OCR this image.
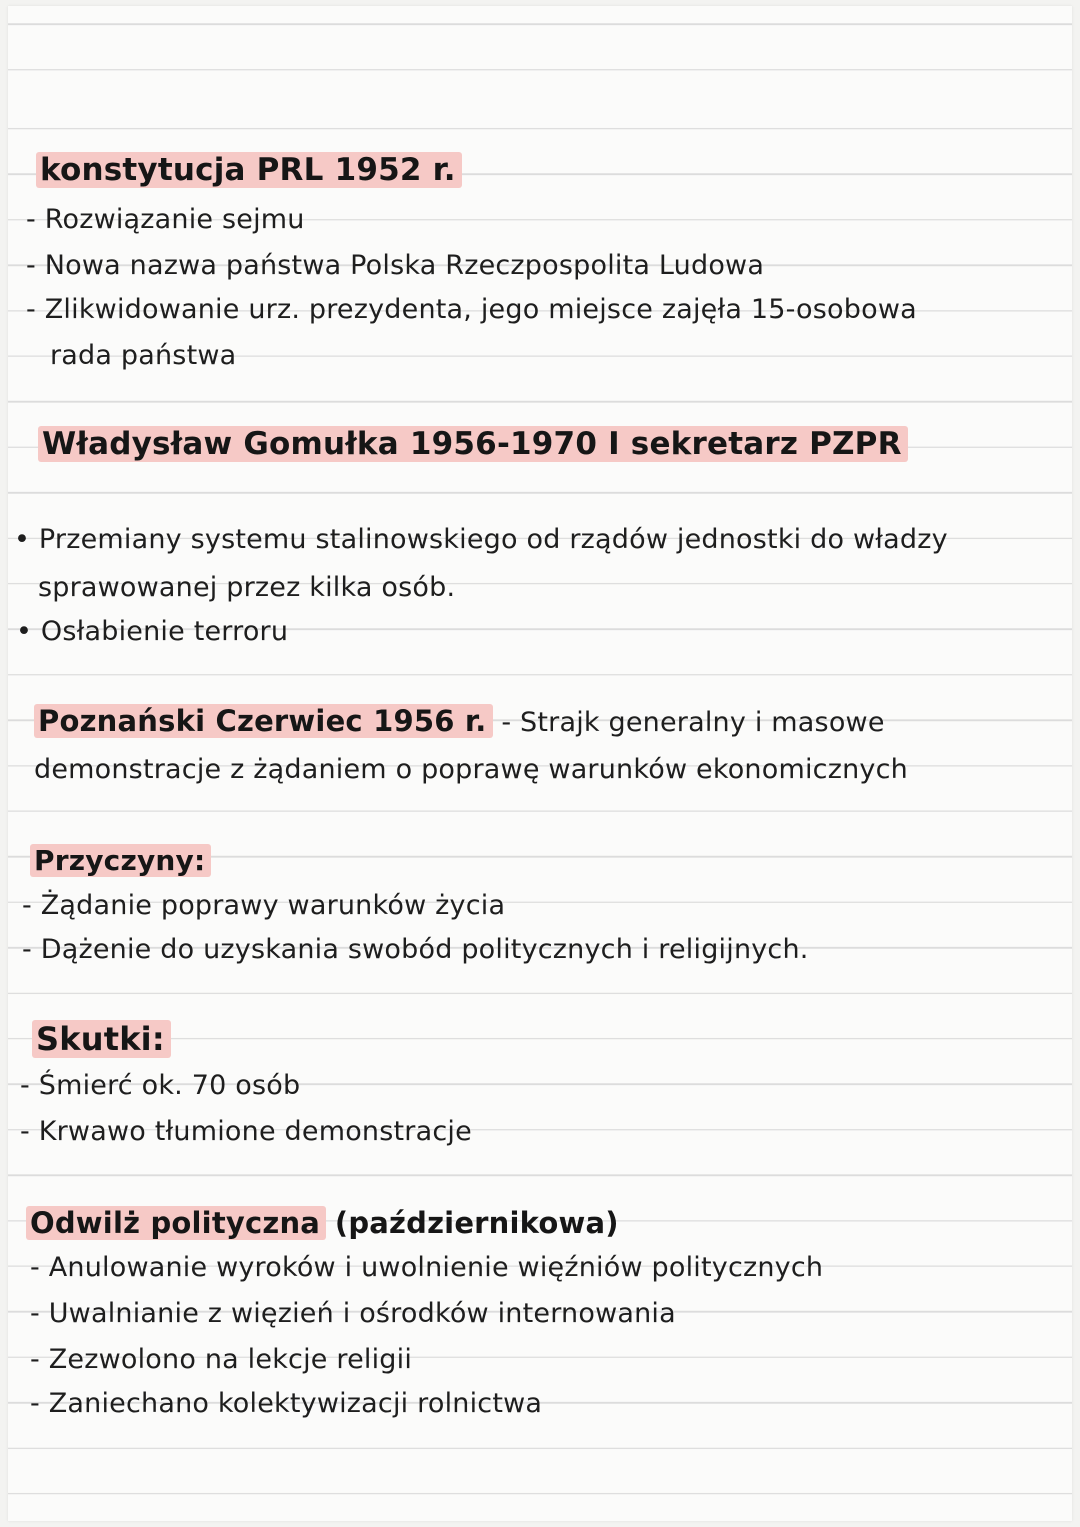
konstytucja PRL 1952 r.
- Rozwiązanie sejmu
- Nowa nazwa państwa Polska Rzeczpospolita Ludowa
- Zlikwidowanie urz. prezydenta, jego miejsce zajęła 15-osobowa
rada państwa
Władysław Gomułka 1956-1970 I sekretarz PZPR
• Przemiany systemu stalinowskiego od rządów jednostki do władzy
sprawowanej przez kilka osób.
• Osłabienie terroru
Poznański Czerwiec 1956 r. - Strajk generalny i masowe
demonstracje z żądaniem o poprawę warunków ekonomicznych
Przyczyny:
- Żądanie poprawy warunków życia
- Dążenie do uzyskania swobód politycznych i religijnych.
Skutki:
- Śmierć ok. 70 osób
- Krwawo tłumione demonstracje
Odwilż polityczna (październikowa)
- Anulowanie wyroków i uwolnienie więźniów politycznych
- Uwalnianie z więzień i ośrodków internowania
- Zezwolono na lekcje religii
- Zaniechano kolektywizacji rolnictwa
